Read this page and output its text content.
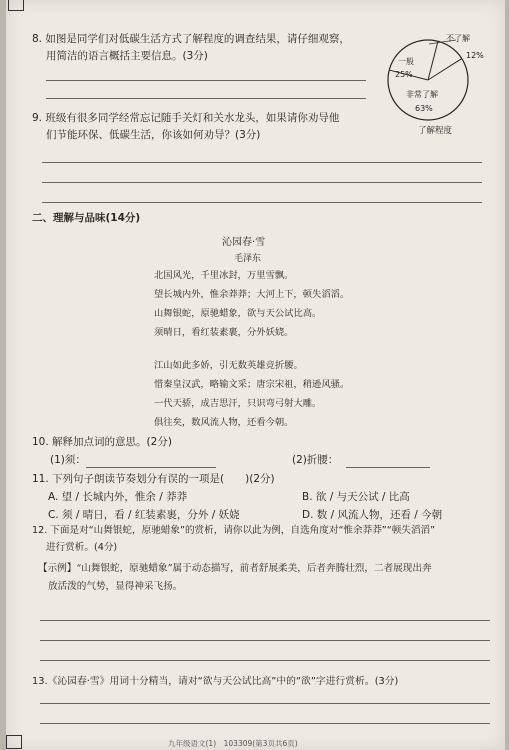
8. 如图是同学们对低碳生活方式了解程度的调查结果，请仔细观察，
用简洁的语言概括主要信息。(3分)
不了解
12%
一般
25%
非常了解
63%
了解程度
9. 班级有很多同学经常忘记随手关灯和关水龙头，如果请你劝导他
们节能环保、低碳生活，你该如何劝导？(3分)
二、理解与品味(14分)
沁园春·雪
毛泽东
北国风光，千里冰封，万里雪飘。
望长城内外，惟余莽莽；大河上下，顿失滔滔。
山舞银蛇，原驰蜡象，欲与天公试比高。
须晴日，看红装素裹，分外妖娆。
江山如此多娇，引无数英雄竞折腰。
惜秦皇汉武，略输文采；唐宗宋祖，稍逊风骚。
一代天骄，成吉思汗，只识弯弓射大雕。
俱往矣，数风流人物，还看今朝。
10. 解释加点词的意思。(2分)
(1)须：	(2)折腰：
11. 下列句子朗读节奏划分有误的一项是(　　)(2分)
A. 望 / 长城内外，惟余 / 莽莽	B. 欲 / 与天公试 / 比高
C. 须 / 晴日，看 / 红装素裹，分外 / 妖娆	D. 数 / 风流人物，还看 / 今朝
12. 下面是对“山舞银蛇，原驰蜡象”的赏析，请你以此为例，自选角度对“惟余莽莽”“顿失滔滔”
进行赏析。(4分)
【示例】“山舞银蛇，原驰蜡象”属于动态描写，前者舒展柔美，后者奔腾壮烈，二者展现出奔
放活泼的气势，显得神采飞扬。
13.《沁园春·雪》用词十分精当，请对“欲与天公试比高”中的“欲”字进行赏析。(3分)
九年级语文(1)　103309(第3页共6页)
